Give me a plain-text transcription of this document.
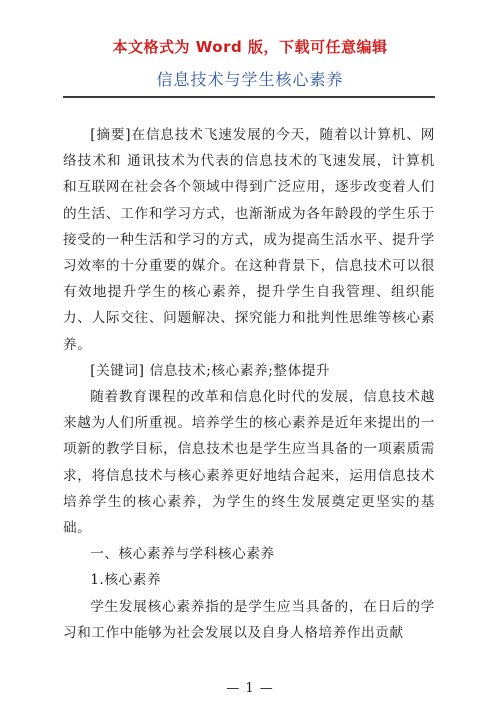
本文格式为 Word 版，下载可任意编辑
信息技术与学生核心素养

[摘要]在信息技术飞速发展的今天，随着以计算机、网络技术和 通讯技术为代表的信息技术的飞速发展，计算机和互联网在社会各个领域中得到广泛应用，逐步改变着人们的生活、工作和学习方式，也渐渐成为各年龄段的学生乐于接受的一种生活和学习的方式，成为提高生活水平、提升学习效率的十分重要的媒介。在这种背景下，信息技术可以很有效地提升学生的核心素养，提升学生自我管理、组织能力、人际交往、问题解决、探究能力和批判性思维等核心素养。

[关键词] 信息技术;核心素养;整体提升

随着教育课程的改革和信息化时代的发展，信息技术越来越为人们所重视。培养学生的核心素养是近年来提出的一项新的教学目标，信息技术也是学生应当具备的一项素质需求，将信息技术与核心素养更好地结合起来，运用信息技术培养学生的核心素养，为学生的终生发展奠定更坚实的基础。

一、核心素养与学科核心素养

1.核心素养

学生发展核心素养指的是学生应当具备的，在日后的学习和工作中能够为社会发展以及自身人格培养作出贡献

— 1 —
